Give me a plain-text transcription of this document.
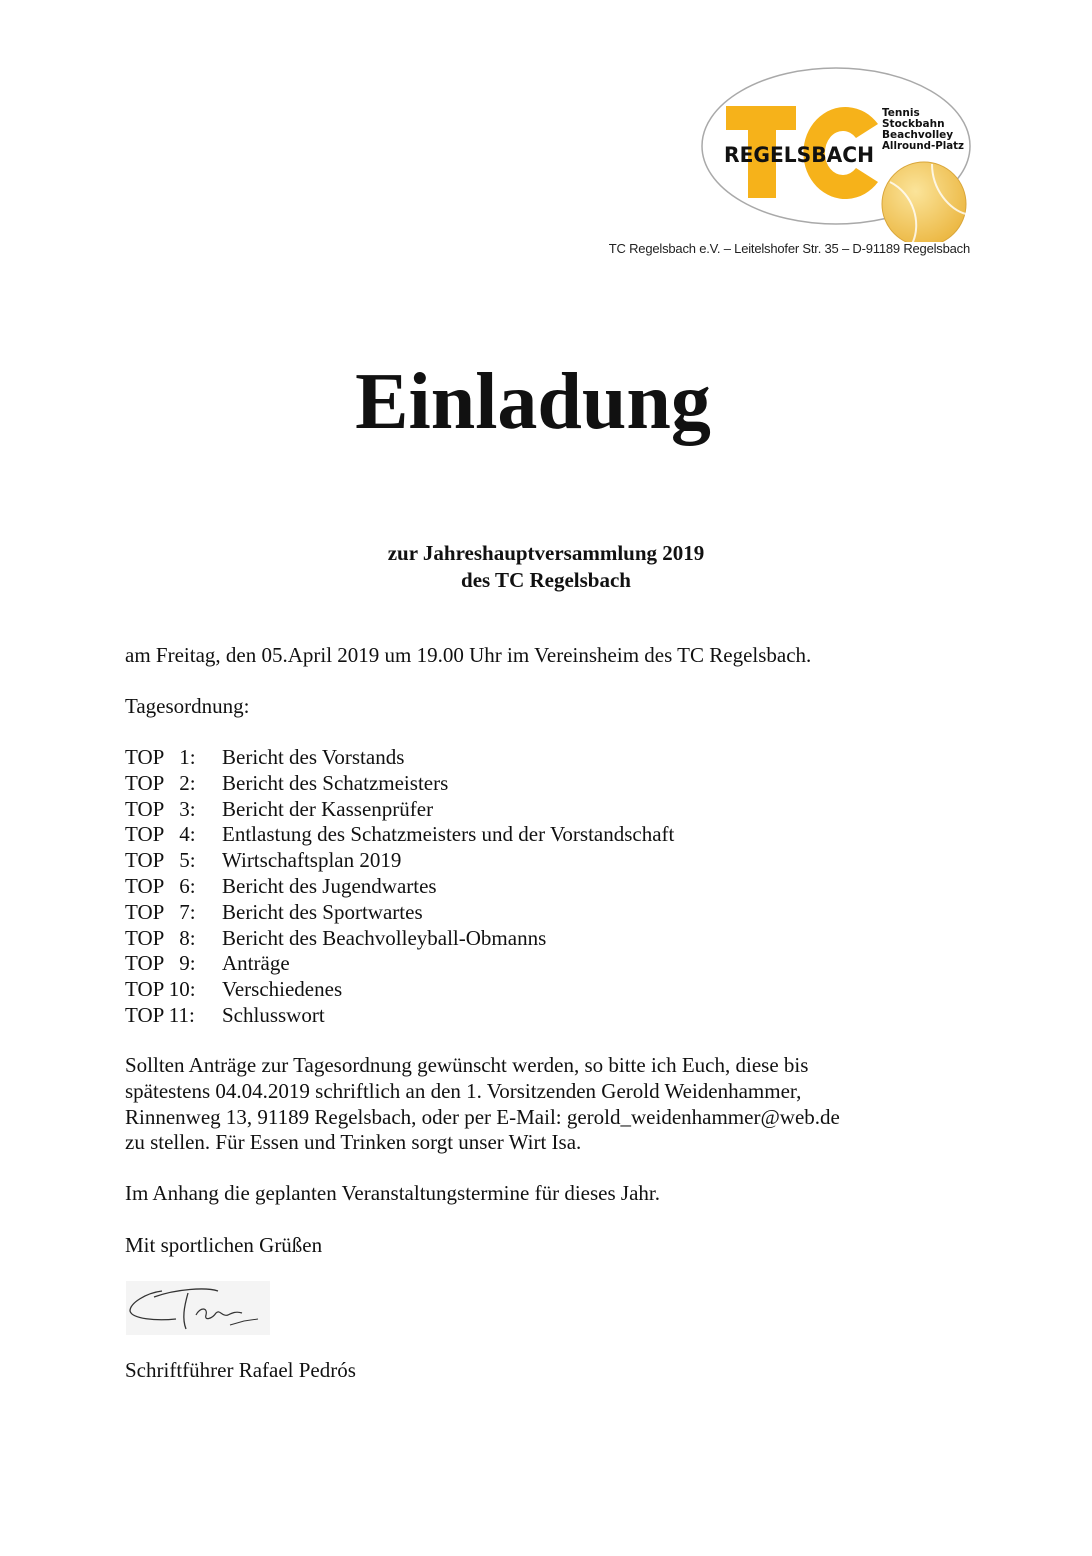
REGELSBACH
Tennis
Stockbahn
Beachvolley
Allround-Platz
TC Regelsbach e.V. – Leitelshofer Str. 35 – D-91189 Regelsbach
Einladung
zur Jahreshauptversammlung 2019
des TC Regelsbach
am Freitag, den 05.April 2019 um 19.00 Uhr im Vereinsheim des TC Regelsbach.
Tagesordnung:
TOP   1:	Bericht des Vorstands
TOP   2:	Bericht des Schatzmeisters
TOP   3:	Bericht der Kassenprüfer
TOP   4:	Entlastung des Schatzmeisters und der Vorstandschaft
TOP   5:	Wirtschaftsplan 2019
TOP   6:	Bericht des Jugendwartes
TOP   7:	Bericht des Sportwartes
TOP   8:	Bericht des Beachvolleyball-Obmanns
TOP   9:	Anträge
TOP 10:	Verschiedenes
TOP 11:	Schlusswort
Sollten Anträge zur Tagesordnung gewünscht werden, so bitte ich Euch, diese bis
spätestens 04.04.2019 schriftlich an den 1. Vorsitzenden Gerold Weidenhammer,
Rinnenweg 13, 91189 Regelsbach, oder per E-Mail: gerold_weidenhammer@web.de
zu stellen. Für Essen und Trinken sorgt unser Wirt Isa.
Im Anhang die geplanten Veranstaltungstermine für dieses Jahr.
Mit sportlichen Grüßen
Schriftführer Rafael Pedrós
